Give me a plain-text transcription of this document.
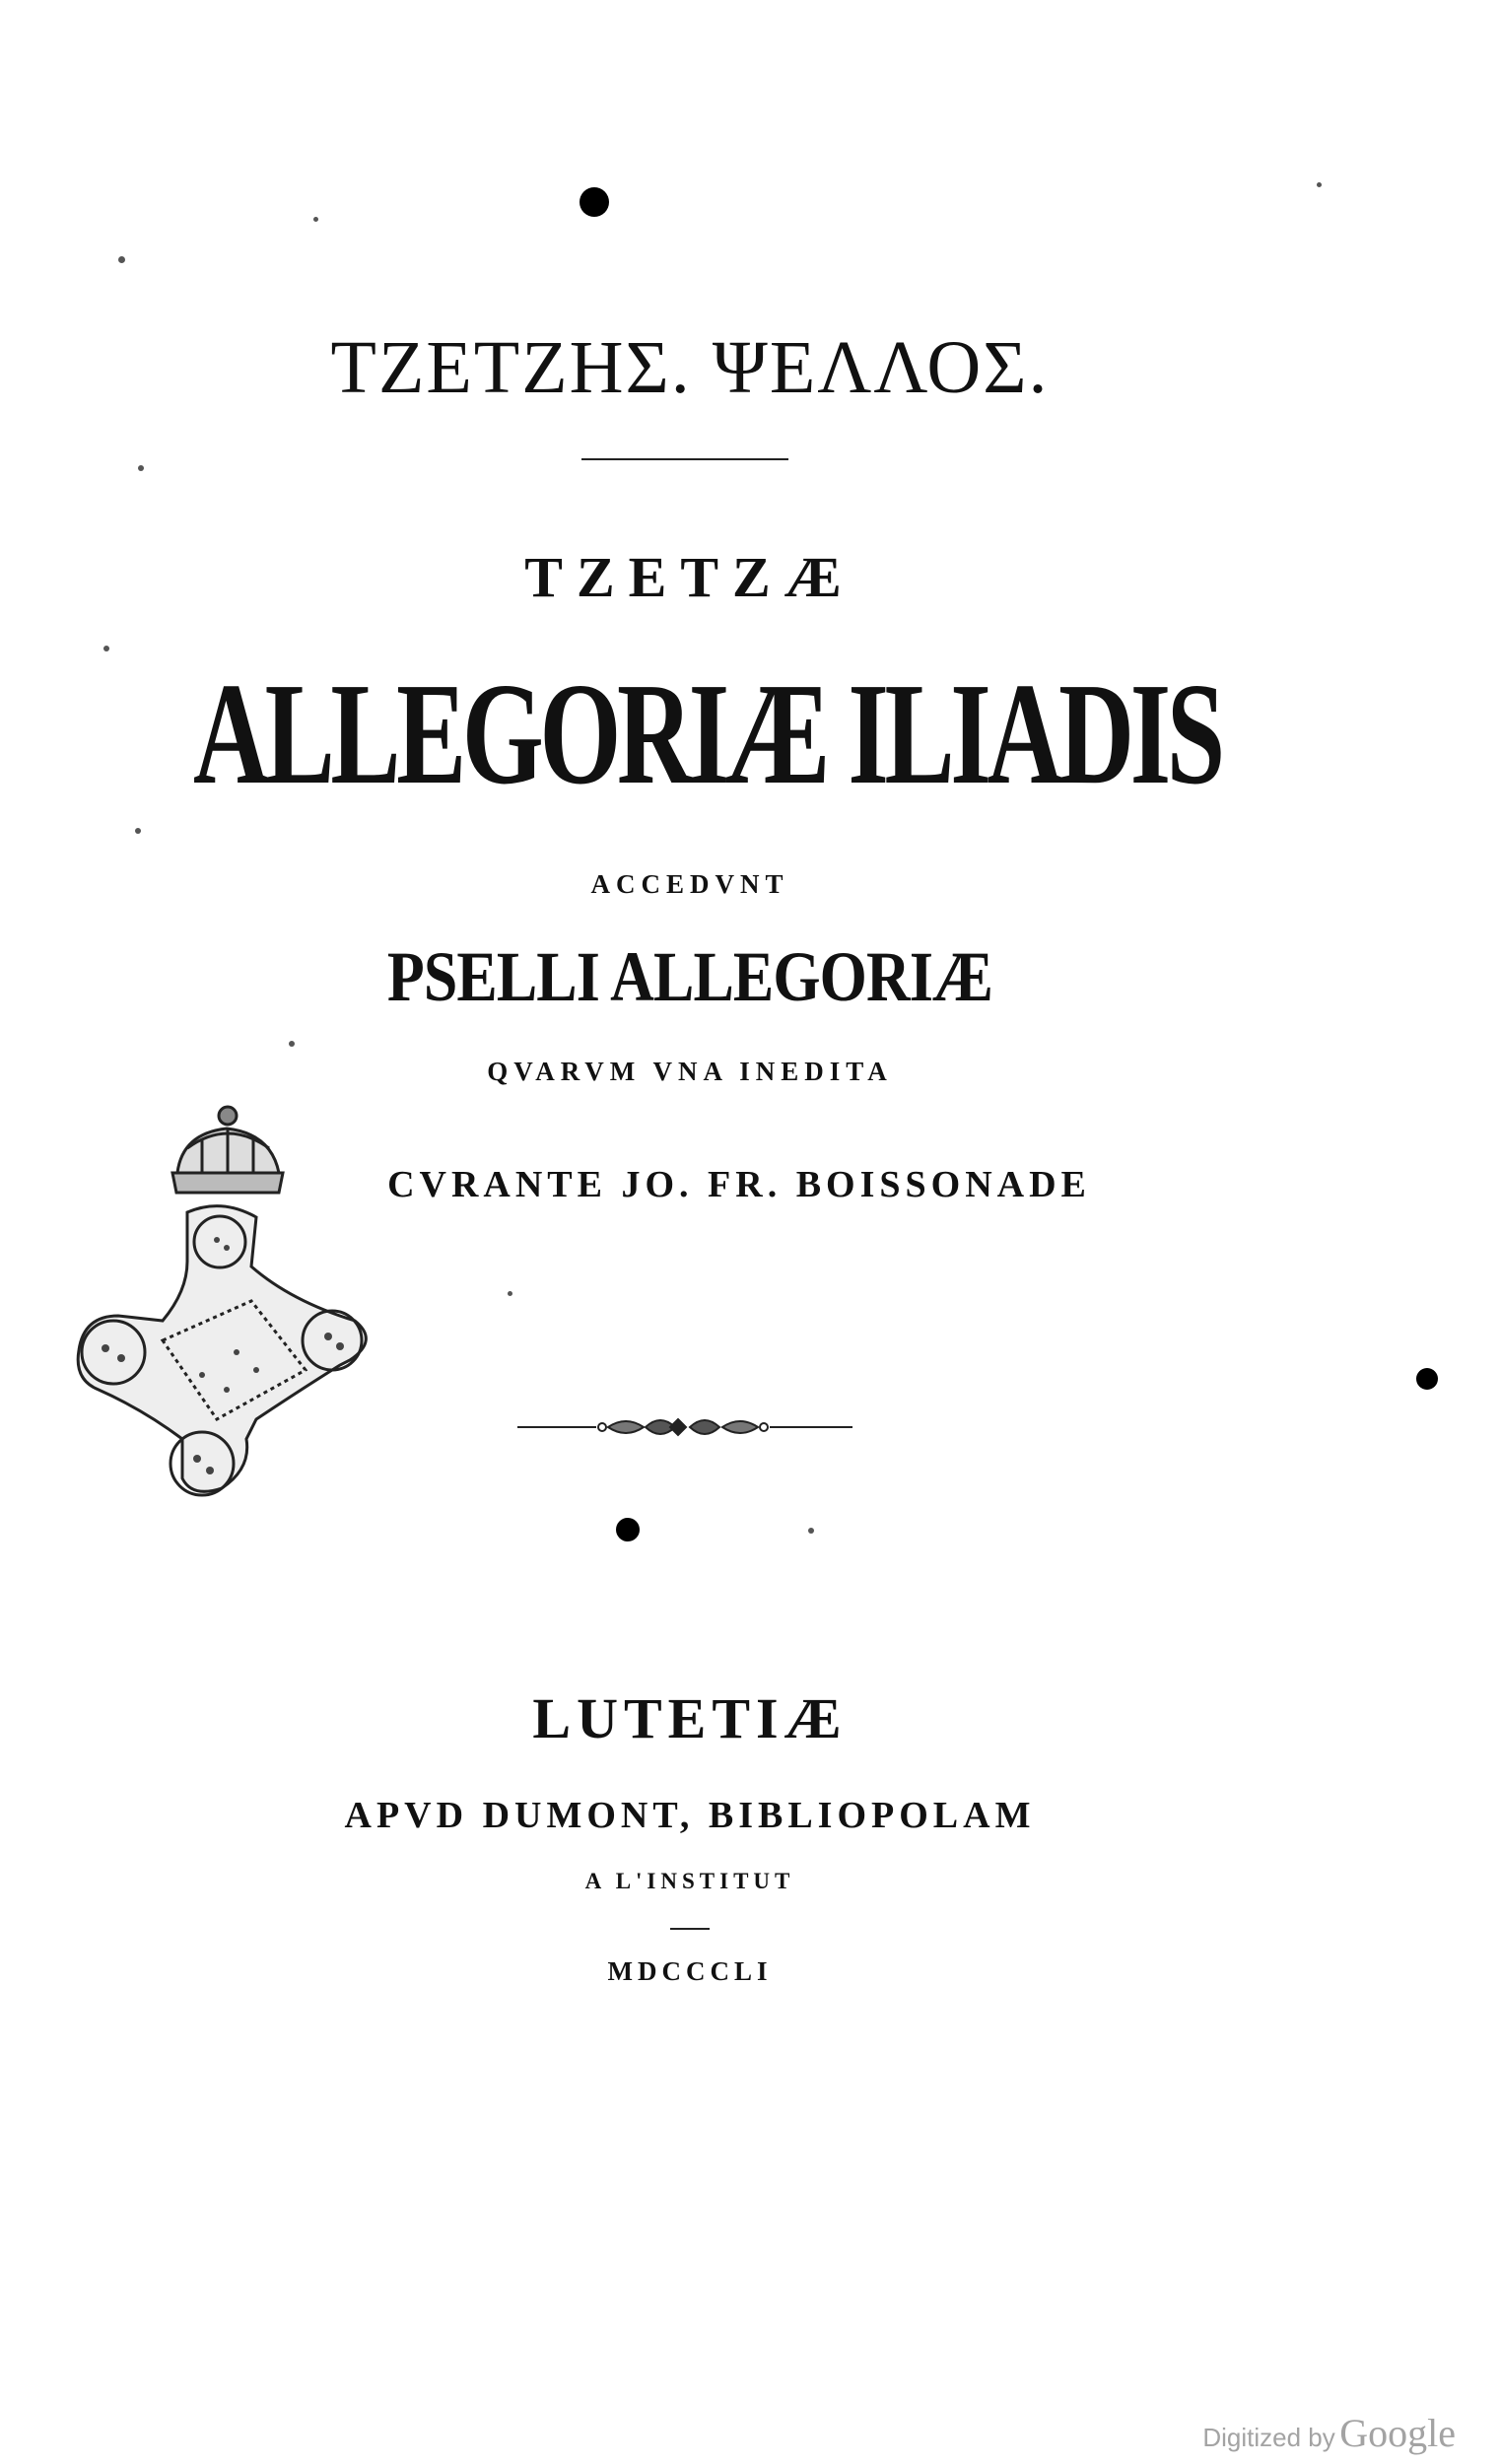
ΤΖΕΤΖΗΣ. ΨΕΛΛΟΣ.
TZETZÆ
ALLEGORIÆ ILIADIS
ACCEDVNT
PSELLI ALLEGORIÆ
QVARVM VNA INEDITA
CVRANTE JO. FR. BOISSONADE
LUTETIÆ
APVD DUMONT, BIBLIOPOLAM
A L'INSTITUT
MDCCCLI
Digitized by Google
